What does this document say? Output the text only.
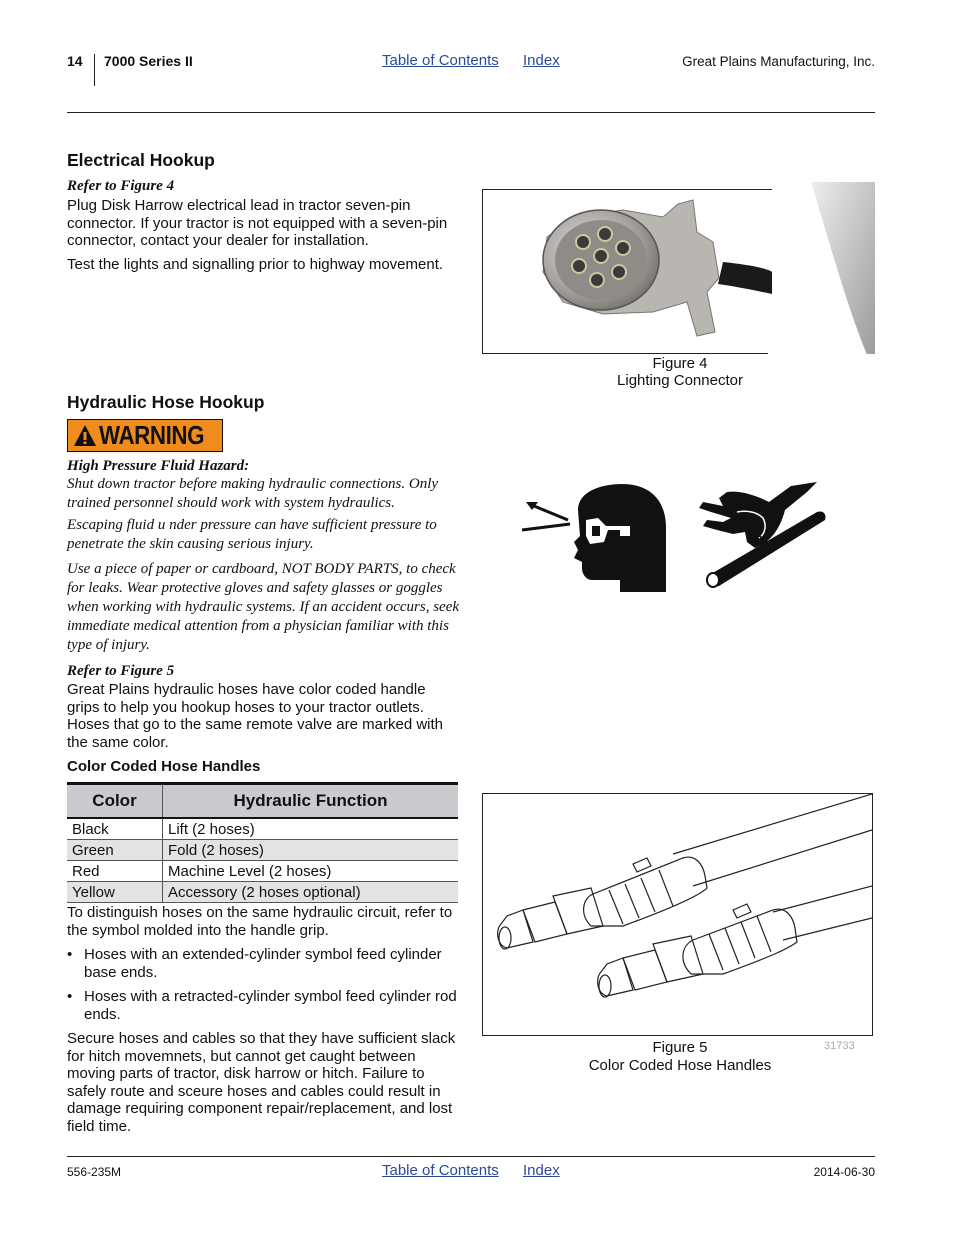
14 7000 Series II	Table of Contents Index	Great Plains Manufacturing, Inc.
Electrical Hookup
Refer to Figure 4
Plug Disk Harrow electrical lead in tractor seven-pin connector. If your tractor is not equipped with a seven-pin connector, contact your dealer for installation.
Test the lights and signalling prior to highway movement.
Figure 4
Lighting Connector
Hydraulic Hose Hookup
WARNING
High Pressure Fluid Hazard:
Shut down tractor before making hydraulic connections. Only trained personnel should work with system hydraulics.
Escaping fluid u nder pressure can have sufficient pressure to penetrate the skin causing serious injury.
Use a piece of paper or cardboard, NOT BODY PARTS, to check for leaks. Wear protective gloves and safety glasses or goggles when working with hydraulic systems. If an accident occurs, seek immediate medical attention from a physician familiar with this type of injury.
Refer to Figure 5
Great Plains hydraulic hoses have color coded handle grips to help you hookup hoses to your tractor outlets. Hoses that go to the same remote valve are marked with the same color.
Color Coded Hose Handles
Color	Hydraulic Function
Black	Lift (2 hoses)
Green	Fold (2 hoses)
Red	Machine Level (2 hoses)
Yellow	Accessory (2 hoses optional)
To distinguish hoses on the same hydraulic circuit, refer to the symbol molded into the handle grip.
• Hoses with an extended-cylinder symbol feed cylinder base ends.
• Hoses with a retracted-cylinder symbol feed cylinder rod ends.
Secure hoses and cables so that they have sufficient slack for hitch movemnets, but cannot get caught between moving parts of tractor, disk harrow or hitch. Failure to safely route and sceure hoses and cables could result in damage requiring component repair/replacement, and lost field time.
Figure 5
Color Coded Hose Handles
31733
556-235M	Table of Contents Index	2014-06-30
